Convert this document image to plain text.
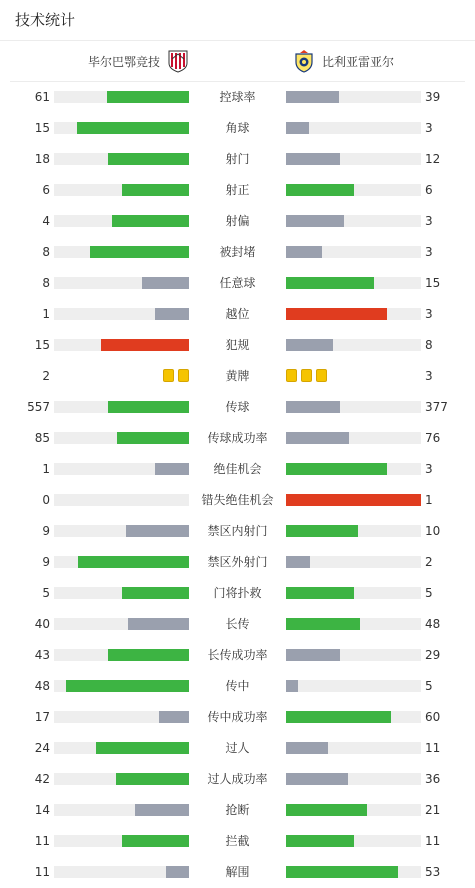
技术统计
毕尔巴鄂竞技	比利亚雷亚尔
61	控球率	39
15	角球	3
18	射门	12
6	射正	6
4	射偏	3
8	被封堵	3
8	任意球	15
1	越位	3
15	犯规	8
2	黄牌	3
557	传球	377
85	传球成功率	76
1	绝佳机会	3
0	错失绝佳机会	1
9	禁区内射门	10
9	禁区外射门	2
5	门将扑救	5
40	长传	48
43	长传成功率	29
48	传中	5
17	传中成功率	60
24	过人	11
42	过人成功率	36
14	抢断	21
11	拦截	11
11	解围	53
